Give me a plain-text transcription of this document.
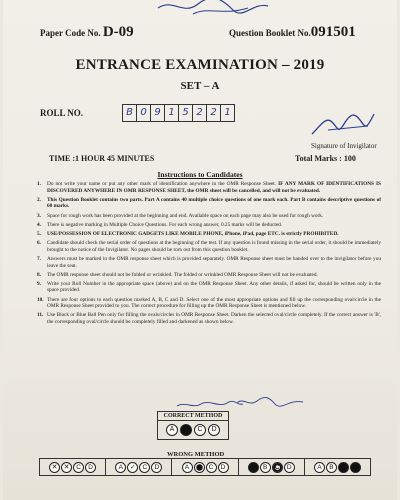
Paper Code No. D-09	Question Booklet No.091501
ENTRANCE EXAMINATION – 2019
SET – A
ROLL NO.	B 0 9 1 5 2 2 1
Signature of Invigilator
TIME :1 HOUR 45 MINUTES	Total Marks : 100
​ Instructions to Candidates
1.	Do not write your name or put any other mark of identification anywhere in the OMR Response Sheet. IF ANY MARK OF IDENTIFICATIONS IS DISCOVERED ANYWHERE IN OMR RESPONSE SHEET, the OMR sheet will be cancelled, and will not be evaluated.
2.	This Question Booklet contains two parts. Part A contains 40 multiple choice questions of one mark each. Part B contains descriptive questions of 60 marks.
3.	Space for rough work has been provided at the beginning and end. Available space on each page may also be used for rough work.
4.	There is negative marking in Multiple Choice Questions. For each wrong answer, 0.25 marks will be deducted.
5.	USE/POSSESSION OF ELECTRONIC GADGETS LIKE MOBILE PHONE, iPhone, iPad, page ETC. is strictly PROHIBITED.
6.	Candidate should check the serial order of questions at the beginning of the test. If any question is found missing in the serial order, it should be immediately brought to the notice of the Invigilator. No pages should be torn out from this question booklet.
7.	Answers must be marked in the OMR response sheet which is provided separately. OMR Response sheet must be handed over to the invigilator before you leave the seat.
8.	The OMR response sheet should not be folded or wrinkled. The folded or wrinkled OMR Response Sheet will not be evaluated.
9.	Write your Roll Number in the appropriate space (above) and on the OMR Response Sheet. Any other details, if asked for, should be written only in the space provided.
10. There are four options to each question marked A, B, C and D. Select one of the most appropriate options and fill up the corresponding oval/circle in the OMR Response Sheet provided to you. The correct procedure for filling up the OMR Response Sheet is mentioned below.
11. Use Black or Blue Ball Pen only for filling the ovals/circles in OMR Response Sheet. Darken the selected oval/circle completely. If the correct answer is 'B', the corresponding oval/circle should be completely filled and darkened as shown below.
CORRECT METHOD
A	B	C	D
WRONG METHOD
✕ ✕	C	D	A	✓	C	D	A	C	D	A	B	C	D	A	B	C	D
